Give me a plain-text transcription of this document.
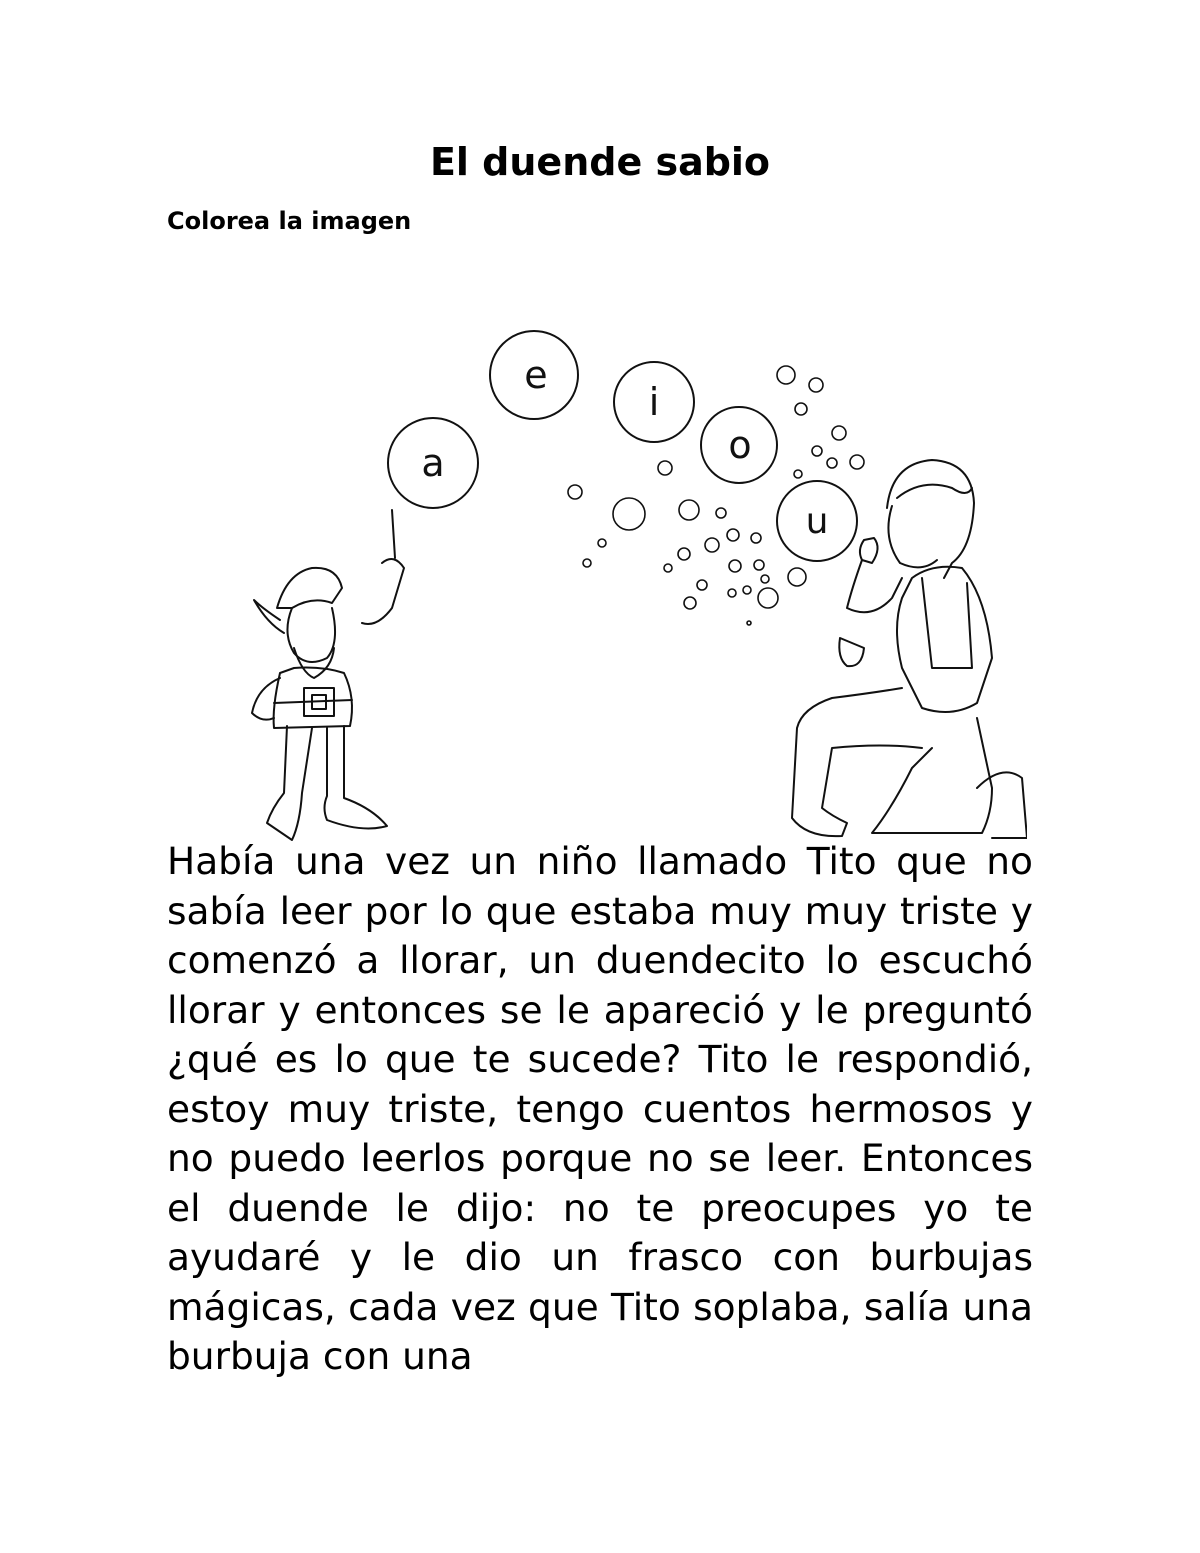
El duende sabio

Colorea la imagen

a
e
i
o
u

Había una vez un niño llamado Tito que no sabía leer por lo que estaba muy muy triste y comenzó a llorar, un duendecito lo escuchó llorar y entonces se le apareció y le preguntó ¿qué es lo que te sucede? Tito le respondió, estoy muy triste, tengo cuentos hermosos y no puedo leerlos porque no se leer. Entonces el duende le dijo: no te preocupes yo te ayudaré y le dio un frasco con burbujas mágicas, cada vez que Tito soplaba, salía una burbuja con una
